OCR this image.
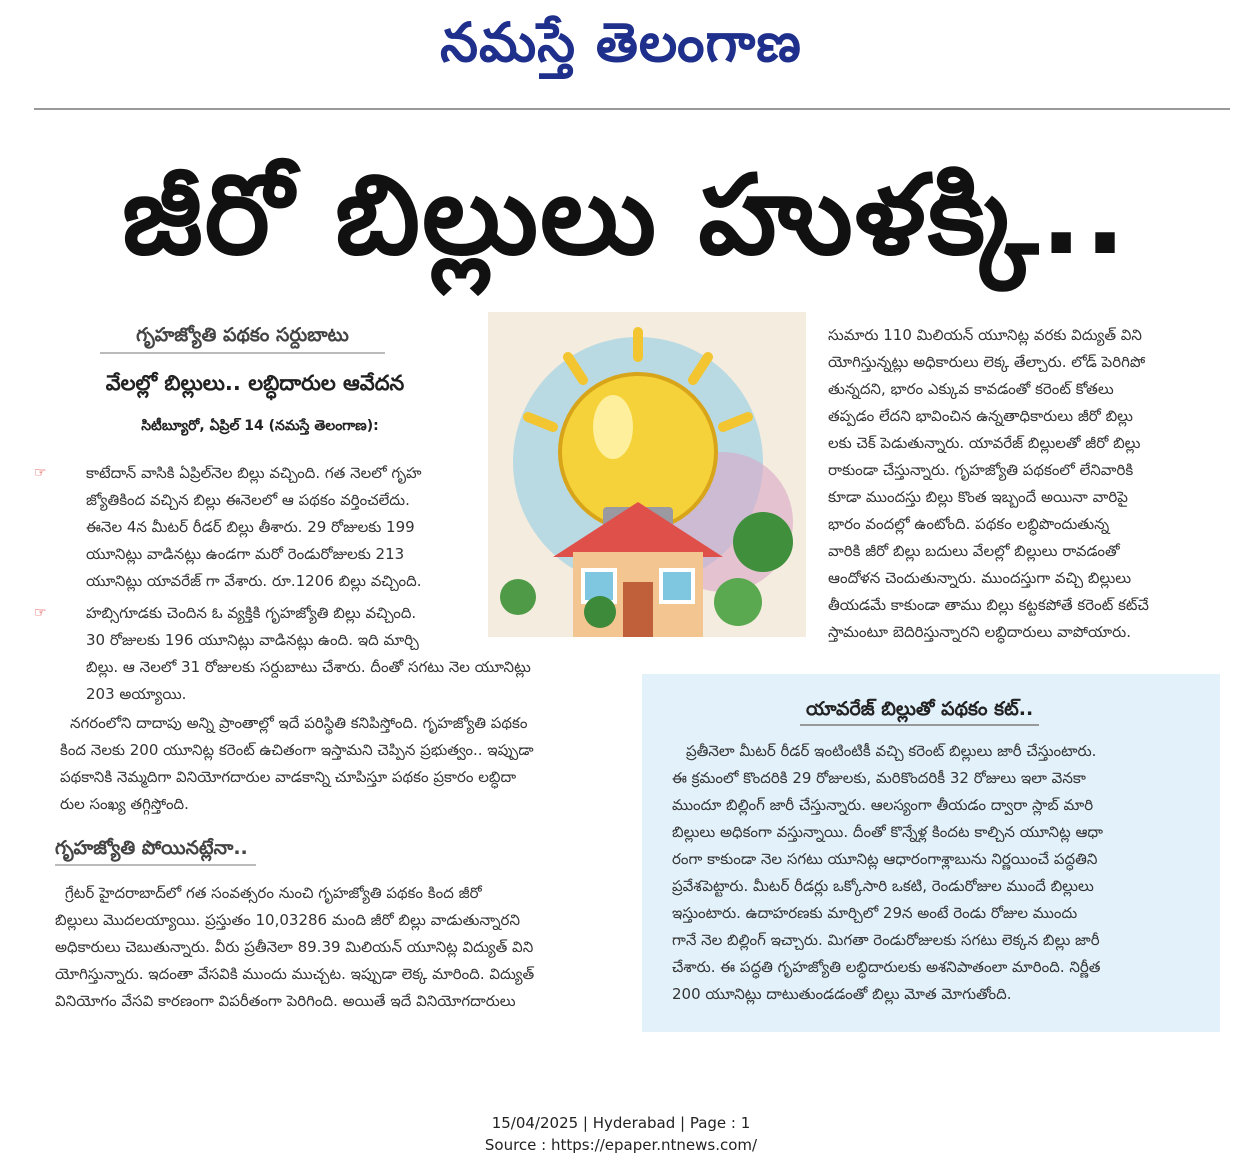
నమస్తే తెలంగాణ
జీరో బిల్లులు హుళక్కి..
గృహజ్యోతి పథకం సర్దుబాటు
వేలల్లో బిల్లులు.. లబ్ధిదారుల ఆవేదన
సిటీబ్యూరో, ఏప్రిల్ 14 (నమస్తే తెలంగాణ):
☞	కాటేదాన్ వాసికి ఏప్రిల్‌నెల బిల్లు వచ్చింది. గత నెలలో గృహ
జ్యోతికింద వచ్చిన బిల్లు ఈనెలలో ఆ పథకం వర్తించలేదు.
ఈనెల 4న మీటర్ రీడర్ బిల్లు తీశారు. 29 రోజులకు 199
యూనిట్లు వాడినట్లు ఉండగా మరో రెండురోజులకు 213
యూనిట్లు యావరేజ్ గా వేశారు. రూ.1206 బిల్లు వచ్చింది.
☞	హబ్సిగూడకు చెందిన ఓ వ్యక్తికి గృహజ్యోతి బిల్లు వచ్చింది.
30 రోజులకు 196 యూనిట్లు వాడినట్లు ఉంది. ఇది మార్చి
బిల్లు. ఆ నెలలో 31 రోజులకు సర్దుబాటు చేశారు. దీంతో సగటు నెల యూనిట్లు
203 అయ్యాయి.
నగరంలోని దాదాపు అన్ని ప్రాంతాల్లో ఇదే పరిస్థితి కనిపిస్తోంది. గృహజ్యోతి పథకం
కింద నెలకు 200 యూనిట్ల కరెంట్ ఉచితంగా ఇస్తామని చెప్పిన ప్రభుత్వం.. ఇప్పుడా
పథకానికి నెమ్మదిగా వినియోగదారుల వాడకాన్ని చూపిస్తూ పథకం ప్రకారం లబ్ధిదా
రుల సంఖ్య తగ్గిస్తోంది.
గృహజ్యోతి పోయినట్లేనా..
గ్రేటర్ హైదరాబాద్‌లో గత సంవత్సరం నుంచి గృహజ్యోతి పథకం కింద జీరో
బిల్లులు మొదలయ్యాయి. ప్రస్తుతం 10,03286 మంది జీరో బిల్లు వాడుతున్నారని
అధికారులు చెబుతున్నారు. వీరు ప్రతీనెలా 89.39 మిలియన్ యూనిట్ల విద్యుత్ విని
యోగిస్తున్నారు. ఇదంతా వేసవికి ముందు ముచ్చట. ఇప్పుడా లెక్క మారింది. విద్యుత్
వినియోగం వేసవి కారణంగా విపరీతంగా పెరిగింది. అయితే ఇదే వినియోగదారులు
సుమారు 110 మిలియన్ యూనిట్ల వరకు విద్యుత్ విని
యోగిస్తున్నట్లు అధికారులు లెక్క తేల్చారు. లోడ్ పెరిగిపో
తున్నదని, భారం ఎక్కువ కావడంతో కరెంట్ కోతలు
తప్పడం లేదని భావించిన ఉన్నతాధికారులు జీరో బిల్లు
లకు చెక్ పెడుతున్నారు. యావరేజ్ బిల్లులతో జీరో బిల్లు
రాకుండా చేస్తున్నారు. గృహజ్యోతి పథకంలో లేనివారికి
కూడా ముందస్తు బిల్లు కొంత ఇబ్బందే అయినా వారిపై
భారం వందల్లో ఉంటోంది. పథకం లబ్ధిపొందుతున్న
వారికి జీరో బిల్లు బదులు వేలల్లో బిల్లులు రావడంతో
ఆందోళన చెందుతున్నారు. ముందస్తుగా వచ్చి బిల్లులు
తీయడమే కాకుండా తాము బిల్లు కట్టకపోతే కరెంట్ కట్‌చే
స్తామంటూ బెదిరిస్తున్నారని లబ్ధిదారులు వాపోయారు.
యావరేజ్ బిల్లుతో పథకం కట్..
ప్రతీనెలా మీటర్ రీడర్ ఇంటింటికీ వచ్చి కరెంట్ బిల్లులు జారీ చేస్తుంటారు.
ఈ క్రమంలో కొందరికి 29 రోజులకు, మరికొందరికీ 32 రోజులు ఇలా వెనకా
ముందూ బిల్లింగ్ జారీ చేస్తున్నారు. ఆలస్యంగా తీయడం ద్వారా స్లాబ్ మారి
బిల్లులు అధికంగా వస్తున్నాయి. దీంతో కొన్నేళ్ల కిందట కాల్చిన యూనిట్ల ఆధా
రంగా కాకుండా నెల సగటు యూనిట్ల ఆధారంగాశ్లాబును నిర్ణయించే పద్ధతిని
ప్రవేశపెట్టారు. మీటర్ రీడర్లు ఒక్కోసారి ఒకటి, రెండురోజుల ముందే బిల్లులు
ఇస్తుంటారు. ఉదాహరణకు మార్చిలో 29న అంటే రెండు రోజుల ముందు
గానే నెల బిల్లింగ్ ఇచ్చారు. మిగతా రెండురోజులకు సగటు లెక్కన బిల్లు జారీ
చేశారు. ఈ పద్ధతి గృహజ్యోతి లబ్ధిదారులకు అశనిపాతంలా మారింది. నిర్ణీత
200 యూనిట్లు దాటుతుండడంతో బిల్లు మోత మోగుతోంది.
15/04/2025 | Hyderabad | Page : 1
Source : https://epaper.ntnews.com/
